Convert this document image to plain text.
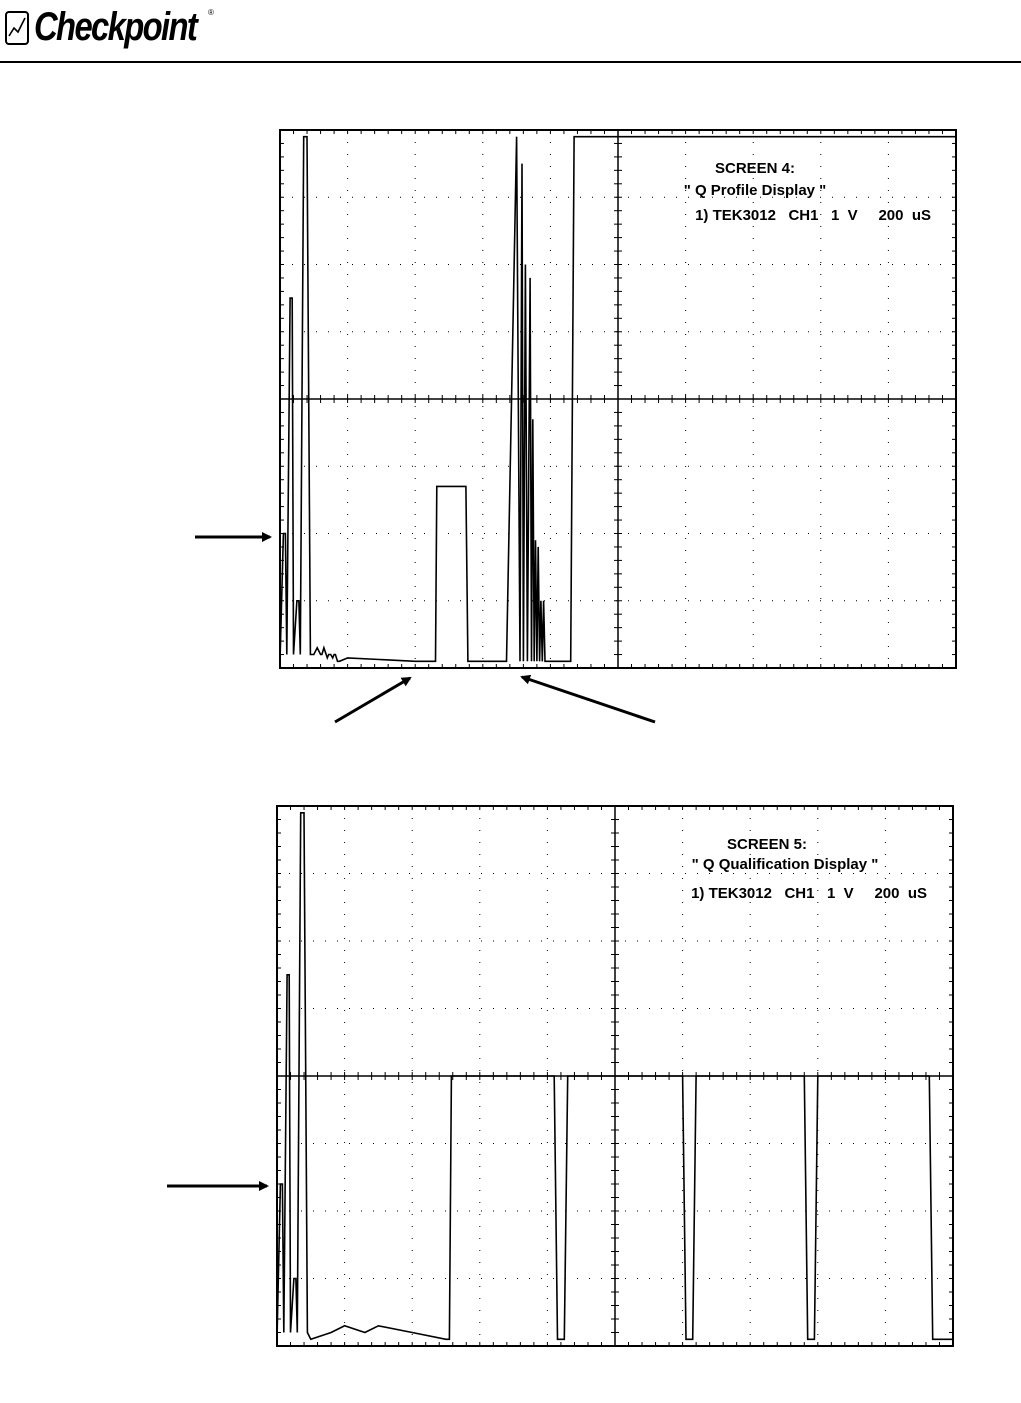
Checkpoint ®
SCREEN 4:
" Q Profile Display "
1) TEK3012   CH1   1  V     200  uS
SCREEN 5:
" Q Qualification Display "
1) TEK3012   CH1   1  V     200  uS
